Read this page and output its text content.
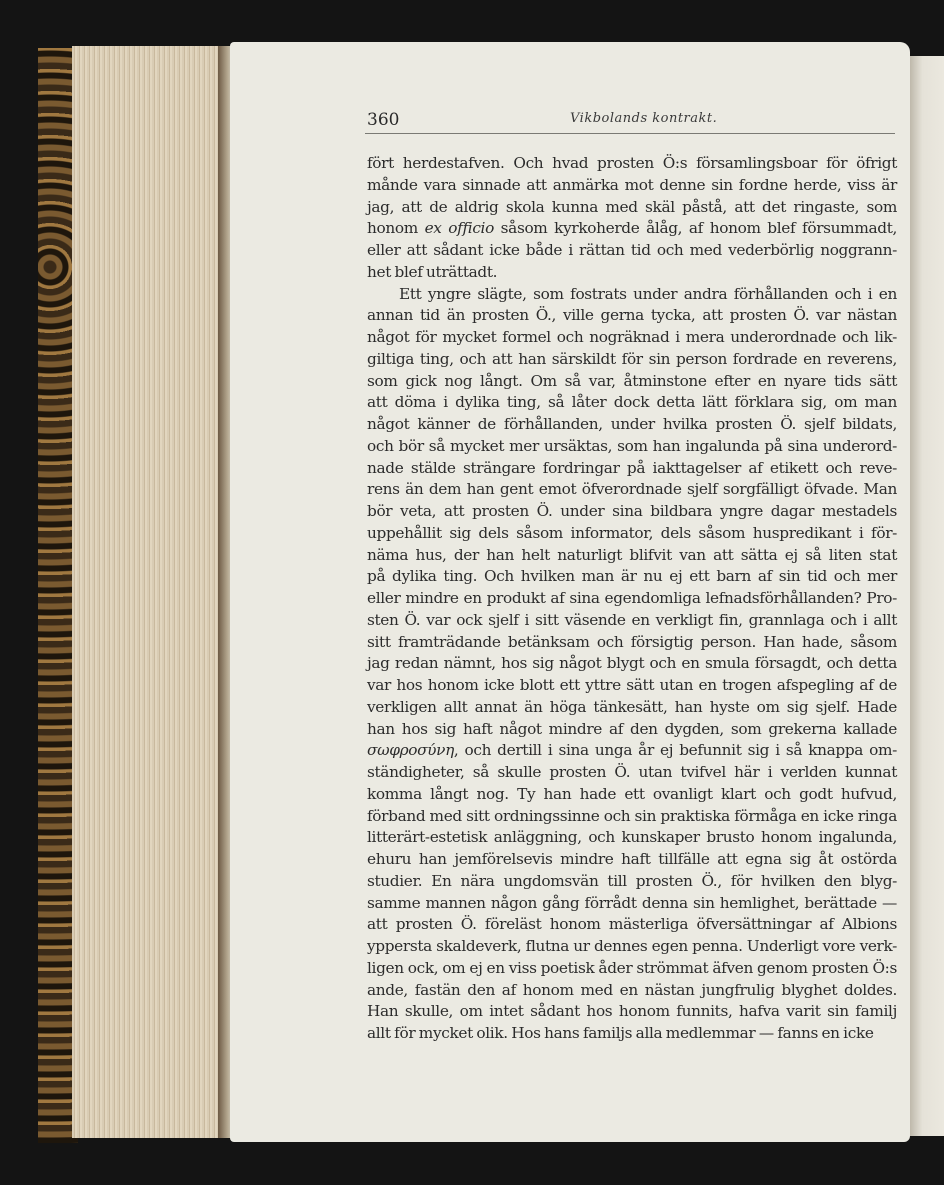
360	Vikbolands kontrakt.
fört herdestafven. Och hvad prosten Ö:s församlingsboar för öfrigt
månde vara sinnade att anmärka mot denne sin fordne herde, viss är
jag, att de aldrig skola kunna med skäl påstå, att det ringaste, som
honom ex officio såsom kyrkoherde ålåg, af honom blef försummadt,
eller att sådant icke både i rättan tid och med vederbörlig noggrann-
het blef uträttadt.
Ett yngre slägte, som fostrats under andra förhållanden och i en
annan tid än prosten Ö., ville gerna tycka, att prosten Ö. var nästan
något för mycket formel och nogräknad i mera underordnade och lik-
giltiga ting, och att han särskildt för sin person fordrade en reverens,
som gick nog långt. Om så var, åtminstone efter en nyare tids sätt
att döma i dylika ting, så låter dock detta lätt förklara sig, om man
något känner de förhållanden, under hvilka prosten Ö. sjelf bildats,
och bör så mycket mer ursäktas, som han ingalunda på sina underord-
nade stälde strängare fordringar på iakttagelser af etikett och reve-
rens än dem han gent emot öfverordnade sjelf sorgfälligt öfvade. Man
bör veta, att prosten Ö. under sina bildbara yngre dagar mestadels
uppehållit sig dels såsom informator, dels såsom huspredikant i för-
näma hus, der han helt naturligt blifvit van att sätta ej så liten stat
på dylika ting. Och hvilken man är nu ej ett barn af sin tid och mer
eller mindre en produkt af sina egendomliga lefnadsförhållanden? Pro-
sten Ö. var ock sjelf i sitt väsende en verkligt fin, grannlaga och i allt
sitt framträdande betänksam och försigtig person. Han hade, såsom
jag redan nämnt, hos sig något blygt och en smula försagdt, och detta
var hos honom icke blott ett yttre sätt utan en trogen afspegling af de
verkligen allt annat än höga tänkesätt, han hyste om sig sjelf. Hade
han hos sig haft något mindre af den dygden, som grekerna kallade
σωφροσύνη, och dertill i sina unga år ej befunnit sig i så knappa om-
ständigheter, så skulle prosten Ö. utan tvifvel här i verlden kunnat
komma långt nog. Ty han hade ett ovanligt klart och godt hufvud,
förband med sitt ordningssinne och sin praktiska förmåga en icke ringa
litterärt-estetisk anläggning, och kunskaper brusto honom ingalunda,
ehuru han jemförelsevis mindre haft tillfälle att egna sig åt ostörda
studier. En nära ungdomsvän till prosten Ö., för hvilken den blyg-
samme mannen någon gång förrådt denna sin hemlighet, berättade —
att prosten Ö. föreläst honom mästerliga öfversättningar af Albions
yppersta skaldeverk, flutna ur dennes egen penna. Underligt vore verk-
ligen ock, om ej en viss poetisk åder strömmat äfven genom prosten Ö:s
ande, fastän den af honom med en nästan jungfrulig blyghet doldes.
Han skulle, om intet sådant hos honom funnits, hafva varit sin familj
allt för mycket olik. Hos hans familjs alla medlemmar — fanns en icke
